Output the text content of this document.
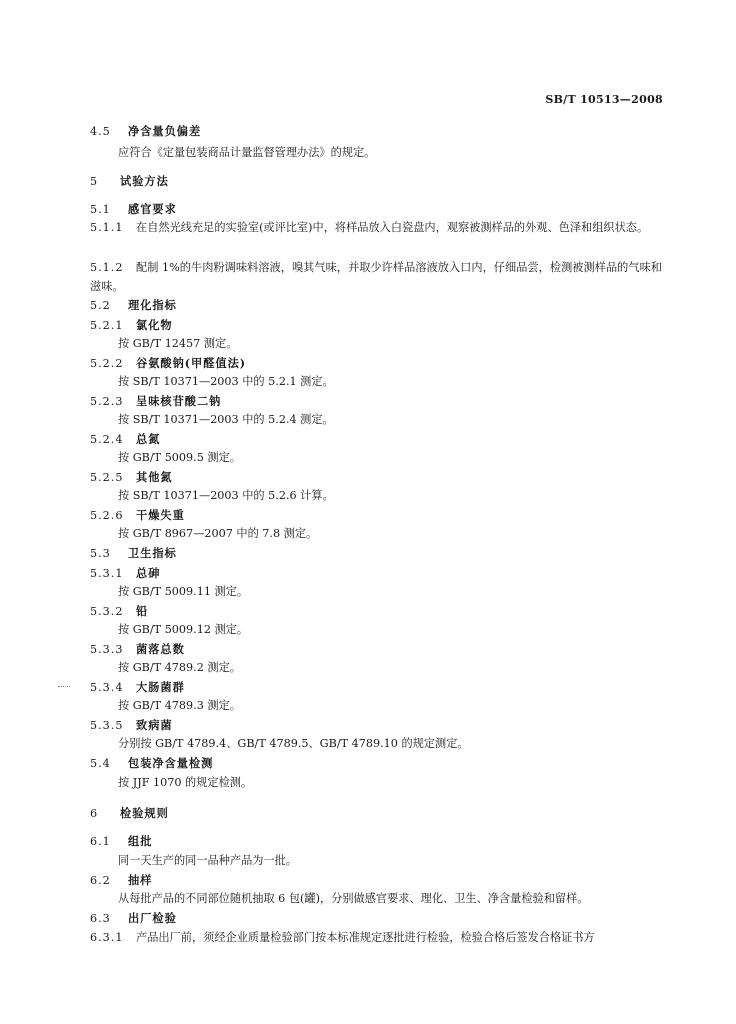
SB/T 10513—2008
4.5 净含量负偏差
应符合《定量包装商品计量监督管理办法》的规定。
5 试验方法
5.1 感官要求
5.1.1 在自然光线充足的实验室(或评比室)中，将样品放入白瓷盘内，观察被测样品的外观、色泽和组织状态。
5.1.2 配制 1%的牛肉粉调味料溶液，嗅其气味，并取少许样品溶液放入口内，仔细品尝，检测被测样品的气味和滋味。
5.2 理化指标
5.2.1 氯化物
按 GB/T 12457 测定。
5.2.2 谷氨酸钠(甲醛值法)
按 SB/T 10371—2003 中的 5.2.1 测定。
5.2.3 呈味核苷酸二钠
按 SB/T 10371—2003 中的 5.2.4 测定。
5.2.4 总氮
按 GB/T 5009.5 测定。
5.2.5 其他氮
按 SB/T 10371—2003 中的 5.2.6 计算。
5.2.6 干燥失重
按 GB/T 8967—2007 中的 7.8 测定。
5.3 卫生指标
5.3.1 总砷
按 GB/T 5009.11 测定。
5.3.2 铅
按 GB/T 5009.12 测定。
5.3.3 菌落总数
按 GB/T 4789.2 测定。
5.3.4 大肠菌群
按 GB/T 4789.3 测定。
5.3.5 致病菌
分别按 GB/T 4789.4、GB/T 4789.5、GB/T 4789.10 的规定测定。
5.4 包装净含量检测
按 JJF 1070 的规定检测。
6 检验规则
6.1 组批
同一天生产的同一品种产品为一批。
6.2 抽样
从每批产品的不同部位随机抽取 6 包(罐)，分别做感官要求、理化、卫生、净含量检验和留样。
6.3 出厂检验
6.3.1 产品出厂前，须经企业质量检验部门按本标准规定逐批进行检验，检验合格后签发合格证书方
